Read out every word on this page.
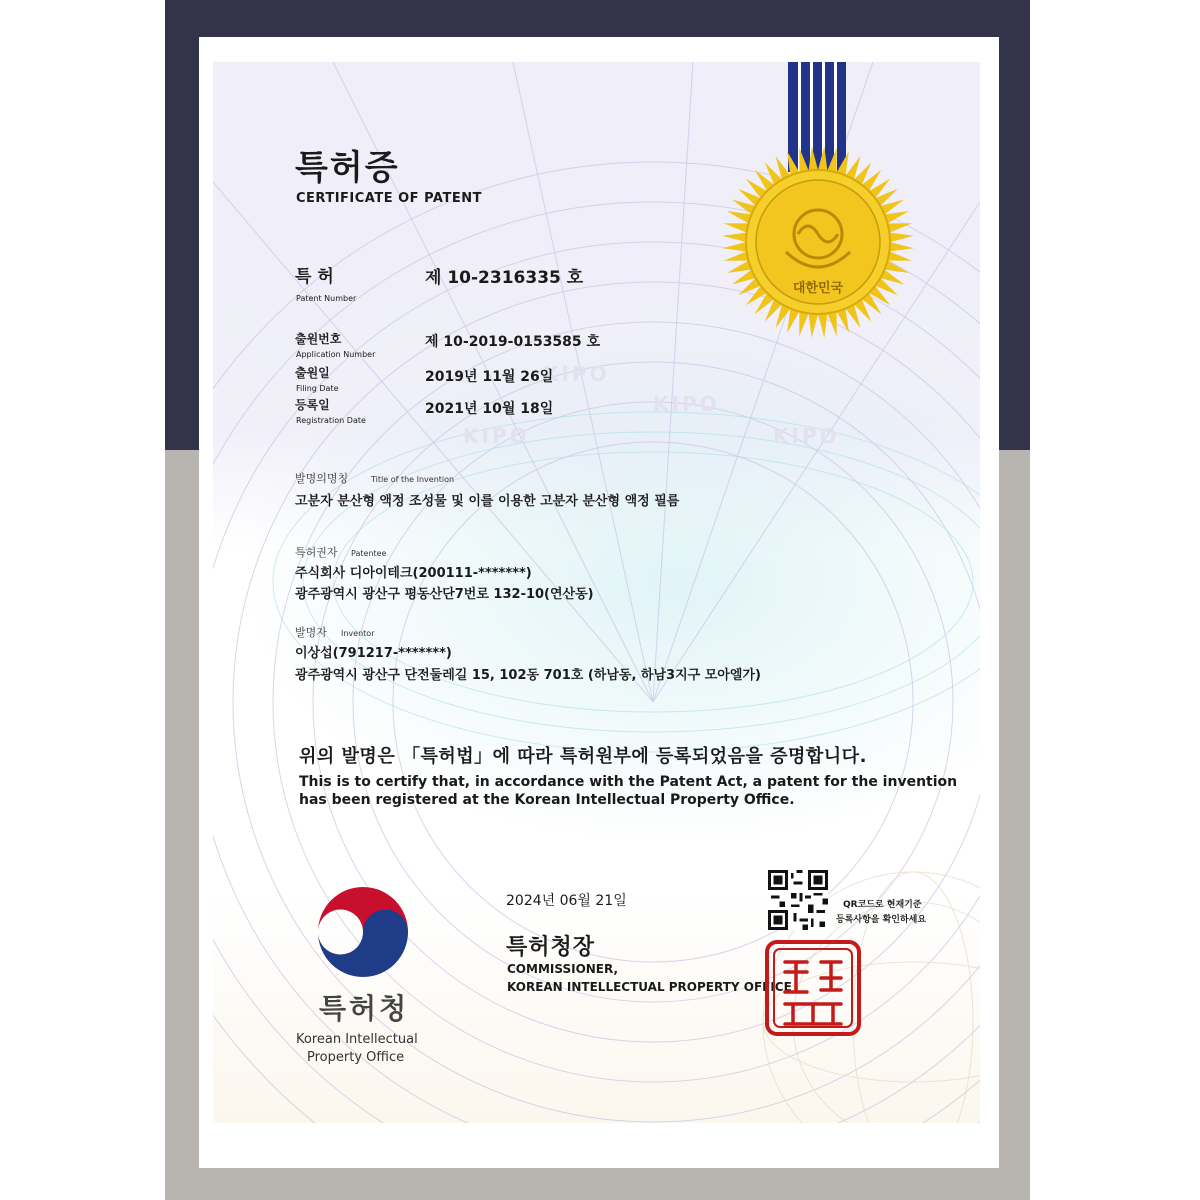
KIPO
KIPO
KIPO	KIPO
대한민국
특허증
CERTIFICATE OF PATENT
특 허
Patent Number
제 10-2316335 호
출원번호
Application Number
제 10-2019-0153585 호
출원일
Filing Date
2019년 11월 26일
등록일
Registration Date
2021년 10월 18일
발명의명칭	Title of the Invention
고분자 분산형 액정 조성물 및 이를 이용한 고분자 분산형 액정 필름
특허권자 Patentee
주식회사 디아이테크(200111-*******)
광주광역시 광산구 평동산단7번로 132-10(연산동)
발명자 Inventor
이상섭(791217-*******)
광주광역시 광산구 단전둘레길 15, 102동 701호 (하남동, 하남3지구 모아엘가)
위의 발명은 「특허법」에 따라 특허원부에 등록되었음을 증명합니다.
This is to certify that, in accordance with the Patent Act, a patent for the invention
has been registered at the Korean Intellectual Property Office.
특허청
Korean Intellectual
Property Office
2024년 06월 21일	QR코드로 현재기준
등록사항을 확인하세요
특허청장
COMMISSIONER,
KOREAN INTELLECTUAL PROPERTY OFFICE
